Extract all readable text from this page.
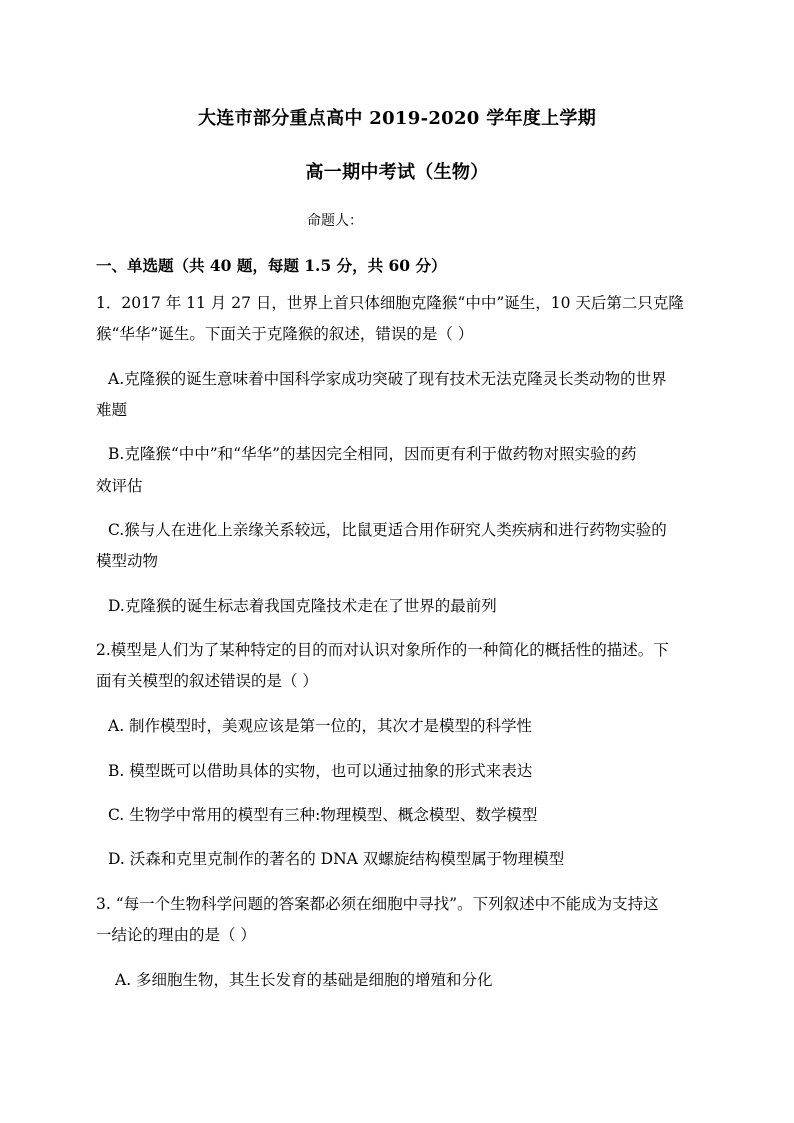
大连市部分重点高中 2019-2020 学年度上学期
高一期中考试（生物）
命题人：
一、单选题（共 40 题，每题 1.5 分，共 60 分）
1．2017 年 11 月 27 日，世界上首只体细胞克隆猴“中中”诞生，10 天后第二只克隆
猴“华华”诞生。下面关于克隆猴的叙述，错误的是（ ）
A.克隆猴的诞生意味着中国科学家成功突破了现有技术无法克隆灵长类动物的世界
难题
B.克隆猴“中中”和“华华”的基因完全相同，因而更有利于做药物对照实验的药
效评估
C.猴与人在进化上亲缘关系较远，比鼠更适合用作研究人类疾病和进行药物实验的
模型动物
D.克隆猴的诞生标志着我国克隆技术走在了世界的最前列
2.模型是人们为了某种特定的目的而对认识对象所作的一种简化的概括性的描述。下
面有关模型的叙述错误的是（ ）
A. 制作模型时，美观应该是第一位的，其次才是模型的科学性
B. 模型既可以借助具体的实物，也可以通过抽象的形式来表达
C. 生物学中常用的模型有三种:物理模型、概念模型、数学模型
D. 沃森和克里克制作的著名的 DNA 双螺旋结构模型属于物理模型
3. “每一个生物科学问题的答案都必须在细胞中寻找”。下列叙述中不能成为支持这
一结论的理由的是（ ）
A. 多细胞生物，其生长发育的基础是细胞的增殖和分化
